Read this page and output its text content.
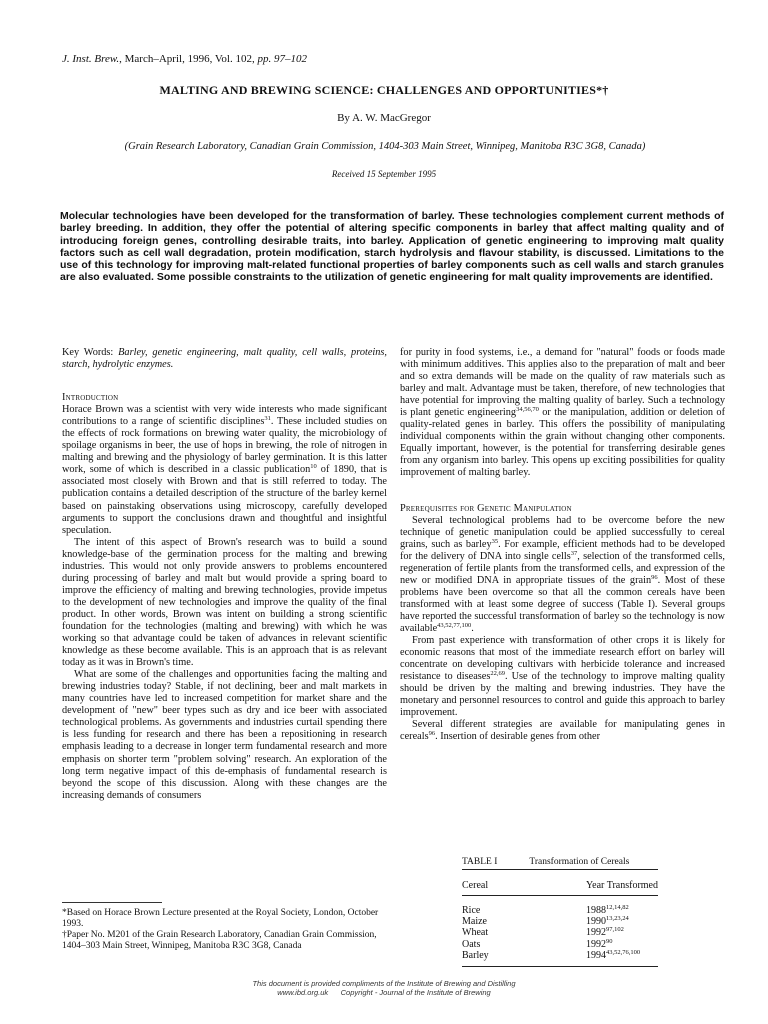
J. Inst. Brew., March–April, 1996, Vol. 102, pp. 97–102
MALTING AND BREWING SCIENCE: CHALLENGES AND OPPORTUNITIES*†
By A. W. MacGregor
(Grain Research Laboratory, Canadian Grain Commission, 1404-303 Main Street, Winnipeg, Manitoba R3C 3G8, Canada)
Received 15 September 1995
Molecular technologies have been developed for the transformation of barley. These technologies complement current methods of barley breeding. In addition, they offer the potential of altering specific components in barley that affect malting quality and of introducing foreign genes, controlling desirable traits, into barley. Application of genetic engineering to improving malt quality factors such as cell wall degradation, protein modification, starch hydrolysis and flavour stability, is discussed. Limitations to the use of this technology for improving malt-related functional properties of barley components such as cell walls and starch granules are also evaluated. Some possible constraints to the utilization of genetic engineering for malt quality improvements are identified.

Key Words: Barley, genetic engineering, malt quality, cell walls, proteins, starch, hydrolytic enzymes.

Introduction

Horace Brown was a scientist with very wide interests who made significant contributions to a range of scientific disciplines$^{31}$. These included studies on the effects of rock formations on brewing water quality, the microbiology of spoilage organisms in beer, the use of hops in brewing, the role of nitrogen in malting and brewing and the physiology of barley germination. It is this latter work, some of which is described in a classic publication$^{10}$ of 1890, that is associated most closely with Brown and that is still referred to today. The publication contains a detailed description of the structure of the barley kernel based on painstaking observations using microscopy, carefully developed arguments to support the conclusions drawn and thoughtful and insightful speculation.

The intent of this aspect of Brown's research was to build a sound knowledge-base of the germination process for the malting and brewing industries. This would not only provide answers to problems encountered during processing of barley and malt but would provide a spring board to improve the efficiency of malting and brewing technologies, provide impetus to the development of new technologies and improve the quality of the final product. In other words, Brown was intent on building a strong scientific foundation for the technologies (malting and brewing) with which he was working so that advantage could be taken of advances in relevant scientific knowledge as these become available. This is an approach that is as relevant today as it was in Brown's time.

What are some of the challenges and opportunities facing the malting and brewing industries today? Stable, if not declining, beer and malt markets in many countries have led to increased competition for market share and the development of "new" beer types such as dry and ice beer with associated technological problems. As governments and industries curtail spending there is less funding for research and there has been a repositioning in research emphasis leading to a decrease in longer term fundamental research and more emphasis on shorter term "problem solving" research. An exploration of the long term negative impact of this de-emphasis of fundamental research is beyond the scope of this discussion. Along with these changes are the increasing demands of consumers

for purity in food systems, i.e., a demand for "natural" foods or foods made with minimum additives. This applies also to the preparation of malt and beer and so extra demands will be made on the quality of raw materials such as barley and malt. Advantage must be taken, therefore, of new technologies that have potential for improving the malting quality of barley. Such a technology is plant genetic engineering$^{34,56,70}$ or the manipulation, addition or deletion of quality-related genes in barley. This offers the possibility of manipulating individual components within the grain without changing other components. Equally important, however, is the potential for transferring desirable genes from any organism into barley. This opens up exciting possibilities for quality improvement of malting barley.

Prerequisites for Genetic Manipulation

Several technological problems had to be overcome before the new technique of genetic manipulation could be applied successfully to cereal grains, such as barley$^{35}$. For example, efficient methods had to be developed for the delivery of DNA into single cells$^{37}$, selection of the transformed cells, regeneration of fertile plants from the transformed cells, and expression of the new or modified DNA in appropriate tissues of the grain$^{96}$. Most of these problems have been overcome so that all the common cereals have been transformed with at least some degree of success (Table I). Several groups have reported the successful transformation of barley so the technology is now available$^{43,52,77,100}$.

From past experience with transformation of other crops it is likely for economic reasons that most of the immediate research effort on barley will concentrate on developing cultivars with herbicide tolerance and increased resistance to diseases$^{22,69}$. Use of the technology to improve malting quality should be driven by the malting and brewing industries. They have the monetary and personnel resources to control and guide this approach to barley improvement.

Several different strategies are available for manipulating genes in cereals$^{96}$. Insertion of desirable genes from other

*Based on Horace Brown Lecture presented at the Royal Society, London, October 1993.

†Paper No. M201 of the Grain Research Laboratory, Canadian Grain Commission, 1404–303 Main Street, Winnipeg, Manitoba R3C 3G8, Canada

TABLE I	Transformation of Cereals
Cereal	Year Transformed
Rice	1988$^{12,14,82}$
Maize	1990$^{13,23,24}$
Wheat	1992$^{97,102}$
Oats	1992$^{90}$
Barley	1994$^{43,52,76,100}$
This document is provided compliments of the Institute of Brewing and Distilling
www.ibd.org.uk Copyright - Journal of the Institute of Brewing
